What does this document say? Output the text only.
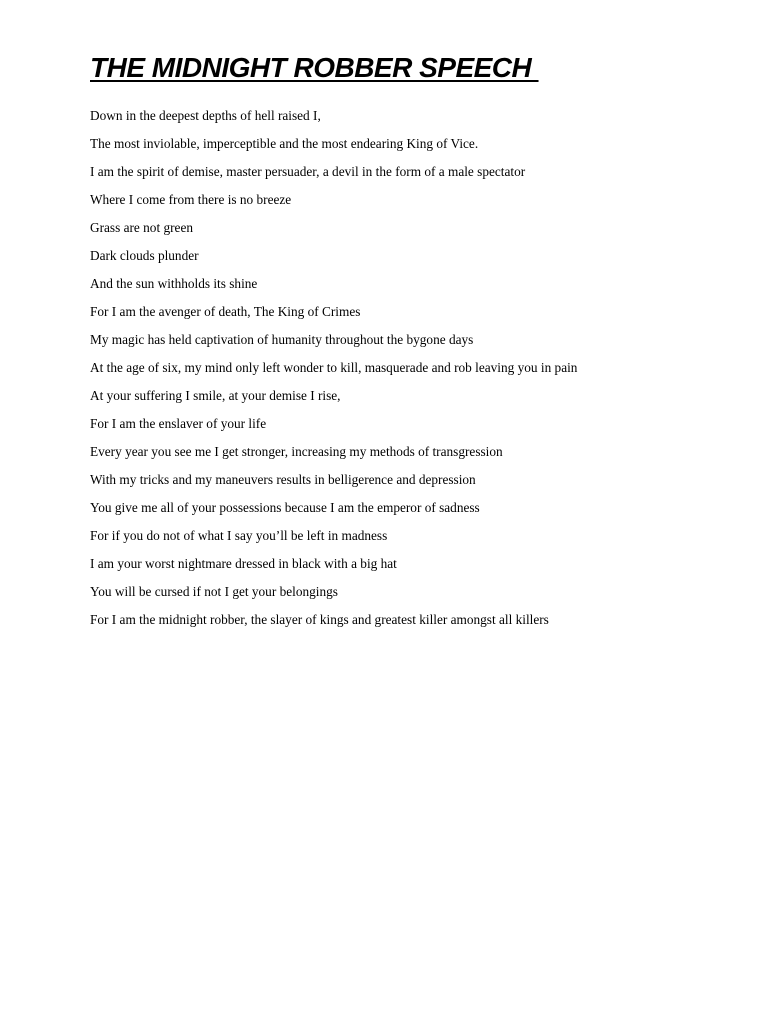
THE MIDNIGHT ROBBER SPEECH
Down in the deepest depths of hell raised I,
The most inviolable, imperceptible and the most endearing King of Vice.
I am the spirit of demise, master persuader, a devil in the form of a male spectator
Where I come from there is no breeze
Grass are not green
Dark clouds plunder
And the sun withholds its shine
For I am the avenger of death, The King of Crimes
My magic has held captivation of humanity throughout the bygone days
At the age of six, my mind only left wonder to kill, masquerade and rob leaving you in pain
At your suffering I smile, at your demise I rise,
For I am the enslaver of your life
Every year you see me I get stronger, increasing my methods of transgression
With my tricks and my maneuvers results in belligerence and depression
You give me all of your possessions because I am the emperor of sadness
For if you do not of what I say you’ll be left in madness
I am your worst nightmare dressed in black with a big hat
You will be cursed if not I get your belongings
For I am the midnight robber, the slayer of kings and greatest killer amongst all killers
